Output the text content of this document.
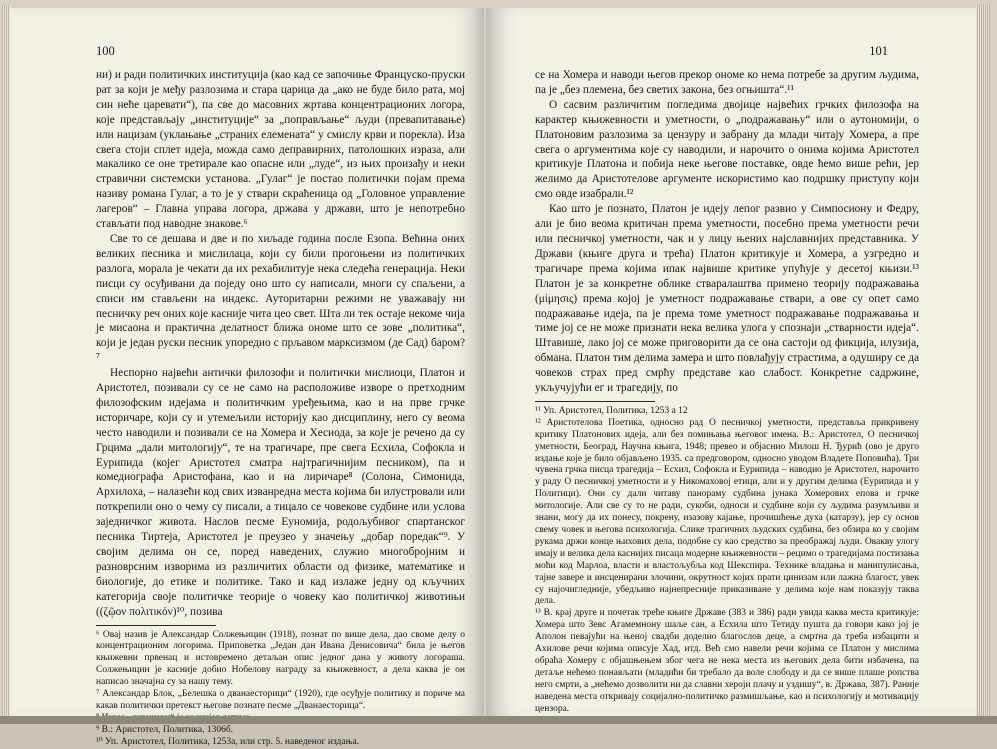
100

ни) и ради политичких институција (као кад се започиње Француско-пруски рат за који је међу разлозима и стара царица да „ако не буде било рата, мој син неће царевати“), па све до масовних жртава концентрационих логора, које представљају „институције“ за „поправљање“ људи (превапитавање) или нацизам (уклањање „страних елемената“ у смислу крви и порекла). Иза свега стоји сплет идеја, можда само деправирних, патолошких израза, али макалико се оне третирале као опасне или „луде“, из њих произађу и неки стравични системски установа. „Гулаг“ је постао политички појам према називу романа Гулаг, а то је у ствари скраћеница од „Головное управление лагеров“ – Главна управа логора, држава у држави, што је непотребно стављати под наводне знакове.⁶

Све то се дешава и две и по хиљаде година после Езопа. Већина оних великих песника и мислилаца, који су били прогоњени из политичких разлога, морала је чекати да их рехабилитује нека следећа генерација. Неки писци су осуђивани да поједу оно што су написали, многи су спаљени, а списи им стављени на индекс. Ауторитарни режими не уважавају ни песничку реч оних које касније чита цео свет. Шта ли тек остаје некоме чија је мисаона и практична делатност ближа ономе што се зове „политика“, који је један руски песник упоредио с прљавом марксизмом (де Сад) баром?⁷

Неспорно највећи антички филозофи и политички мислиоци, Платон и Аристотел, позивали су се не само на расположиве изворе о претходним филозофским идејама и политичким уређењима, као и на прве грчке историчаре, који су и утемељили историју као дисциплину, него су веома често наводили и позивали се на Хомера и Хесиода, за које је речено да су Грцима „дали митологију“, те на трагичаре, пре свега Есхила, Софокла и Еурипида (којег Аристотел сматра најтрагичнијим песником), па и комедиографа Аристофана, као и на лиричаре⁸ (Солона, Симонида, Архилоха, – налазећи код свих изванредна места којима би илустровали или поткрепили оно о чему су писали, а тицало се човекове судбине или услова заједничког живота. Наслов песме Еуномија, родољубивог спартанског песника Тиртеја, Аристотел је преузео у значењу „добар поредак“⁹. У својим делима он се, поред наведених, служио многобројним и разноврсним изворима из различитих области од физике, математике и биологије, до етике и политике. Тако и кад излаже једну од кључних категорија своје политичке теорије о човеку као политичкој животињи ((ζῷον πολιτικόν)¹⁰, позива

⁶ Овај назив је Александар Солжењицин (1918), познат по више дела, дао своме делу о концентрационим логорима. Приповетка „Један дан Ивана Денисовича“ била је његов књижевни првенац и истовремено детаљан опис једног дана у животу логораша. Солжењицин је касније добио Нобелову награду за књижевност, а дела каква је он написао значајна су за нашу тему.

⁷ Александар Блок, „Белешка о дванаесторици“ (1920), где осуђује политику и поричe ма какав политички претекст његове познате песме „Дванаесторица“.

⁹ В.: Аристотел, Политика, 1306б.

¹⁰ Уп. Аристотел, Политика, 1253а, или стр. 5. наведеног издања.

101

се на Хомера и наводи његов прекор ономе ко нема потребе за другим људима, па је „без племена, без светих закона, без огњишта“.¹¹

О сасвим различитим погледима двојице највећих грчких филозофа на карактер књижевности и уметности, о „подражавању“ или о аутономији, о Платоновим разлозима за цензуру и забрану да млади читају Хомера, а пре свега о аргументима које су наводили, и нарочито о онима којима Аристотел критикује Платона и побија неке његове поставке, овде ћемо више рећи, јер желимо да Аристотелове аргументе искористимо као подршку приступу који смо овде изабрали.¹²

Као што је познато, Платон је идеју лепог развио у Симпосиону и Федру, али је био веома критичан према уметности, посебно према уметности речи или песничкој уметности, чак и у лицу њених најславнијих представника. У Држави (књиге друга и трећа) Платон критикује и Хомера, а узгредно и трагичаре према којима ипак највише критике упућује у десетој књизи.¹³ Платон је за конкретне облике стваралаштва примено теорију подражавања (μίμησις) према којој је уметност подражавање ствари, а ове су опет само подражавање идеја, па је према томе уметност подражавање подражавања и тиме јој се не може признати нека велика улога у спознаји „стварности идеја“. Штавише, лако јој се може приговорити да се она састоји од фикција, илузија, обмана. Платон тим делима замера и што повлађују страстима, а одуширу се да човеков страх пред смрћу представе као слабост. Конкретне садржине, укључујући ег и трагедију, по

¹¹ Уп. Аристотел, Политика, 1253 а 12

¹² Аристотелова Поетика, односно рад О песничкој уметности, представља прикривену критику Платонових идеја, али без помињања његовог имена. В.: Аристотел, О песничкој уметности, Београд, Научна књига, 1948; превео и објаснио Милош Н. Ђурић (ово је друго издање које је било објављено 1935. са предговором, односно уводом Владете Поповића). Три чувена грчка писца трагедија – Есхил, Софокла и Еурипида – наводио је Аристотел, нарочито у раду О песничкој уметности и у Никомаховој етици, али и у другим делима (Еурипида и у Политици). Они су дали читаву панораму судбина јунака Хомерових епова и грчке митологије. Али све су то не ради, сукоби, односи и судбине који су људима разумљиви и знани, могу да их понесу, покрену, изазову кајање, прочишћење духа (катарзу), јер су основ свему човек и његова психологија. Слике трагичних људских судбина, без обзира ко у својим рукама држи конце њихових дела, подобне су као средство за преображај људи. Овакву улогу имају и велика дела каснијих писаца модерне књижевности – рецимо о трагедијама постизања моћи код Марлоа, власти и властољубља код Шекспира. Технике владања и манипулисања, тајне завере и инсценирани злочини, окрутност којих прати цинизам или лажна благост, увек су најочигледније, убедљиво најнепресније приказиване у делима које нам показују таква дела.

¹³ В. крај друге и почетак треће књиге Државе (383 и 386) ради увида каква места критикује: Хомера што Зевс Агамемнону шаље сан, а Есхила што Тетиду пушта да говори како јој је Аполон певајући на њеној свадби доделио благослов деце, а смртна да треба избацити и Ахилове речи којима описује Хад, итд. Већ смо навели речи којима се Платон у мислима обраћа Хомеру с објашњењем због чега не нека места из његових дела бити избачена, па детаље нећемо понављати (младићи би требало да воле слободу и да се више плаше ропства него смрти, а „нећемо дозволити ни да славни хероји плачу и уздишу“, в. Држава, 387). Раније наведена места откривају социјално-политичко размишљање, као и психологију и мотивацију цензора.
